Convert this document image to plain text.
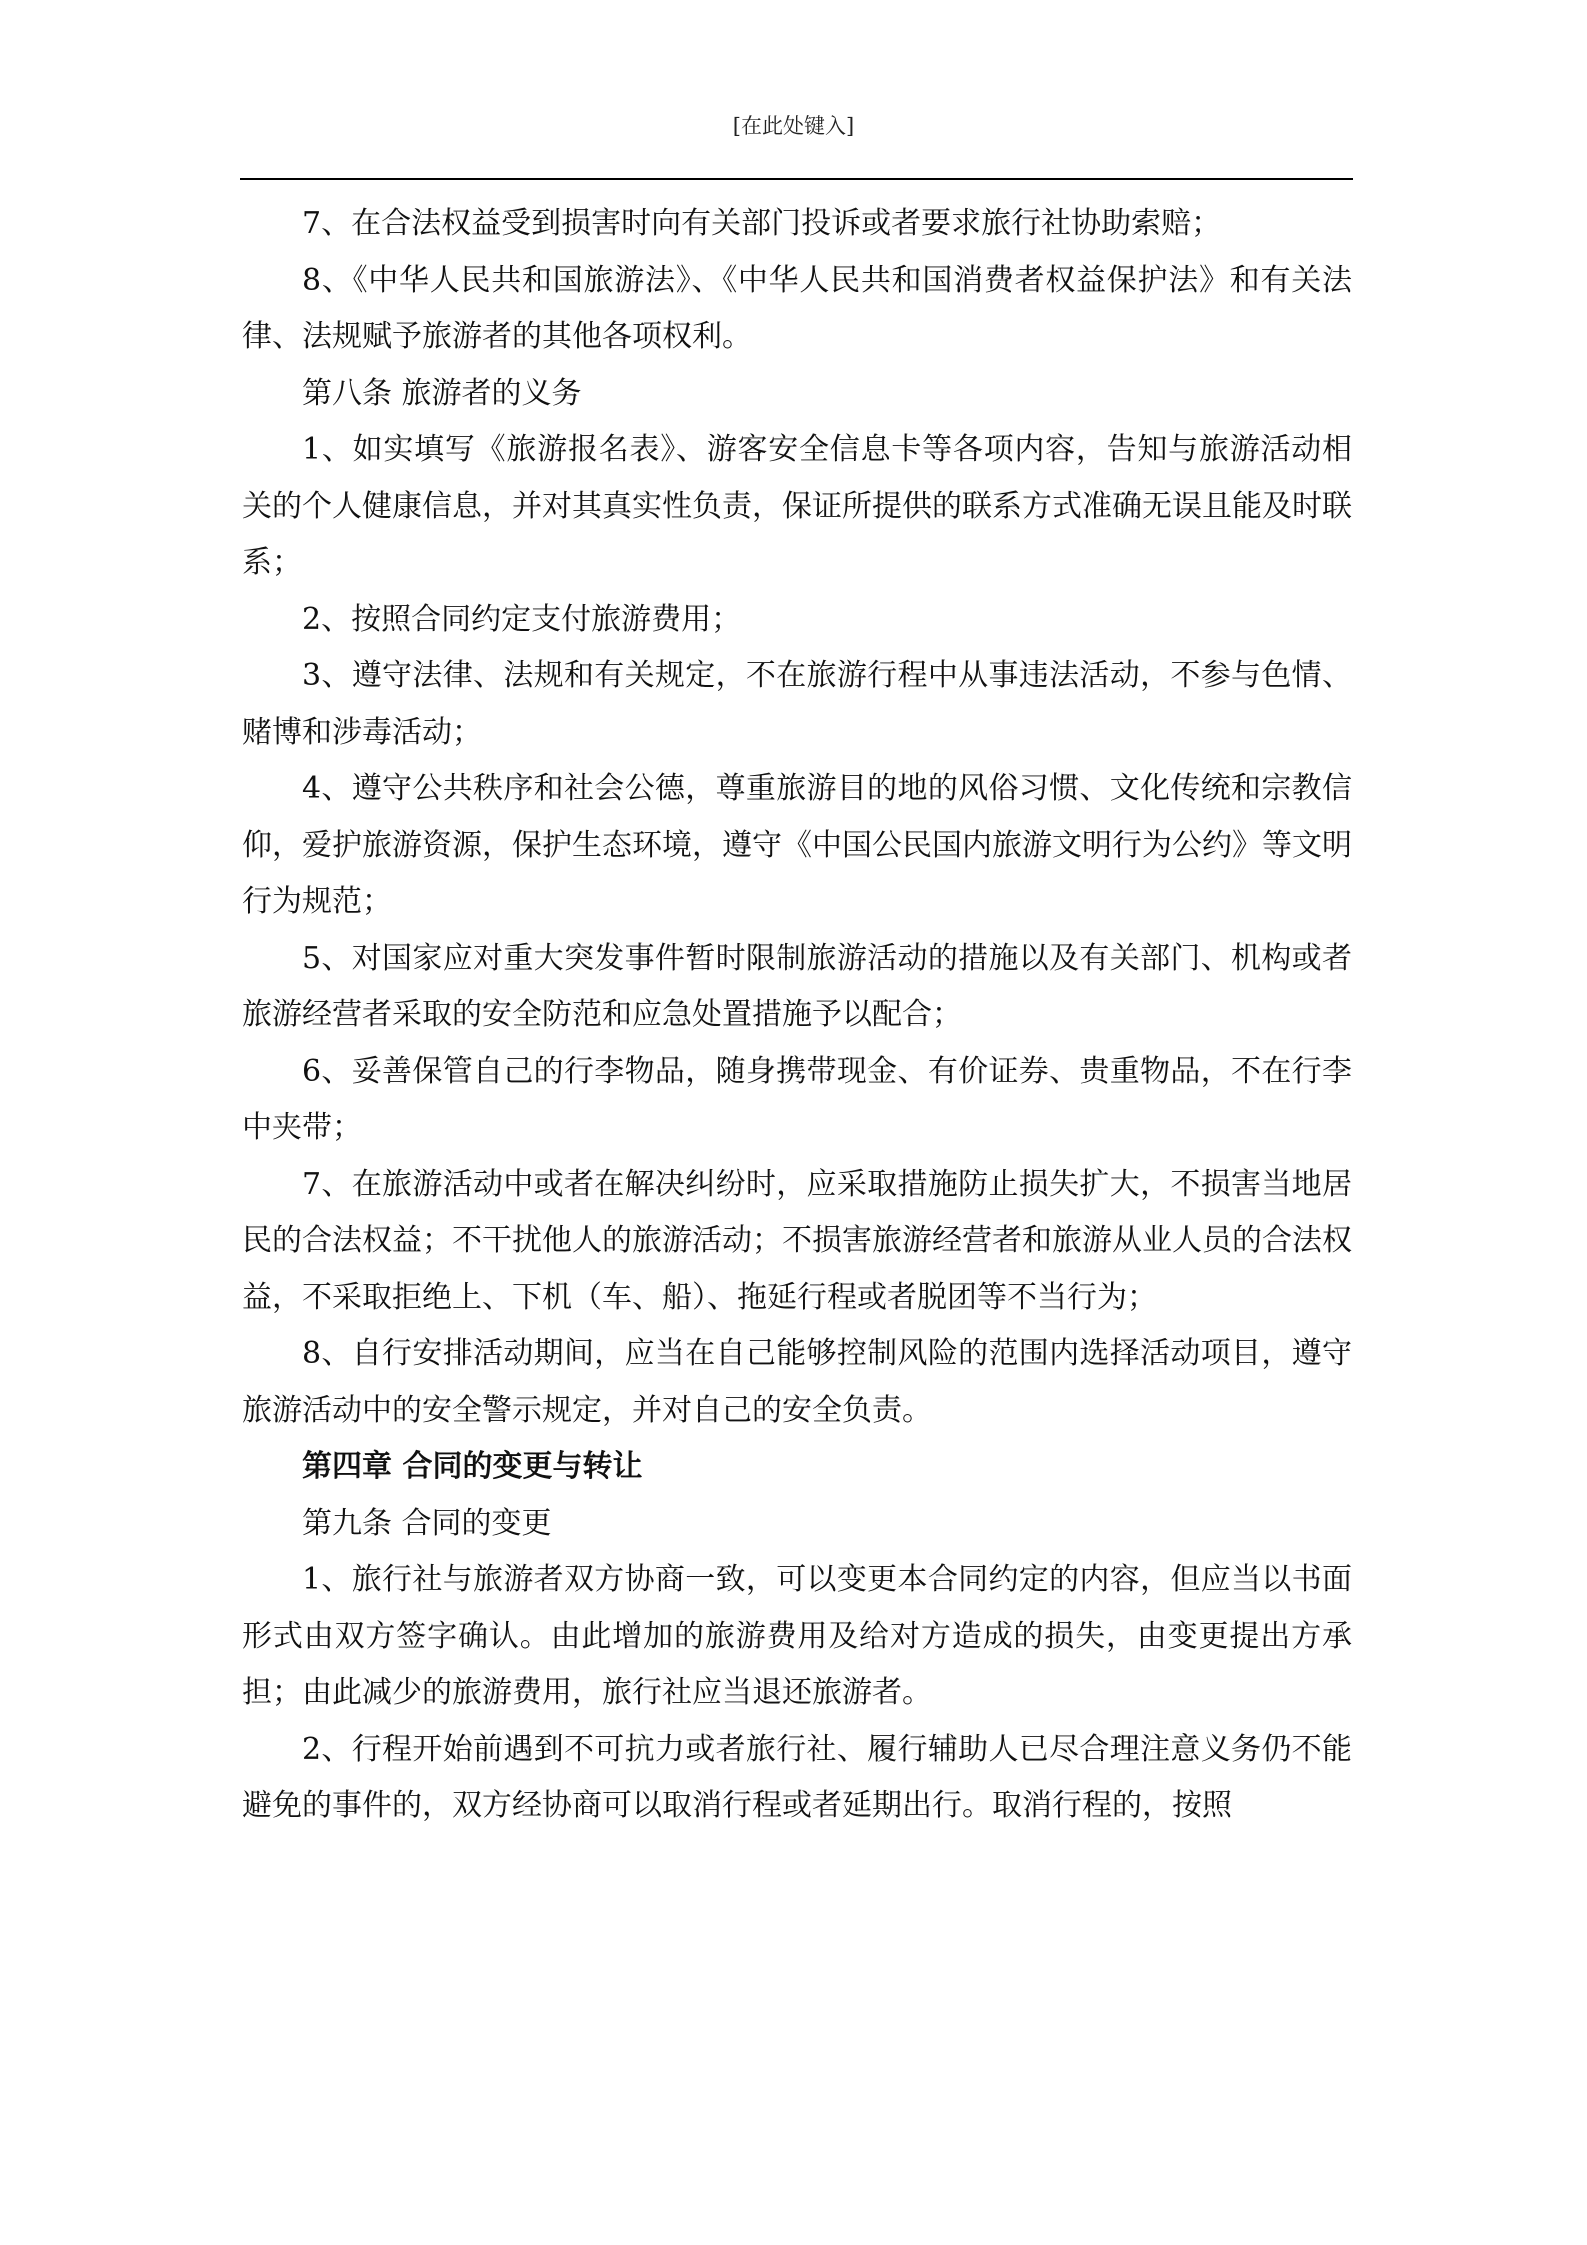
[在此处键入]

7、在合法权益受到损害时向有关部门投诉或者要求旅行社协助索赔；

8、《中华人民共和国旅游法》、《中华人民共和国消费者权益保护法》和有关法律、法规赋予旅游者的其他各项权利。

第八条 旅游者的义务

1、如实填写《旅游报名表》、游客安全信息卡等各项内容，告知与旅游活动相关的个人健康信息，并对其真实性负责，保证所提供的联系方式准确无误且能及时联系；

2、按照合同约定支付旅游费用；

3、遵守法律、法规和有关规定，不在旅游行程中从事违法活动，不参与色情、赌博和涉毒活动；

4、遵守公共秩序和社会公德，尊重旅游目的地的风俗习惯、文化传统和宗教信仰，爱护旅游资源，保护生态环境，遵守《中国公民国内旅游文明行为公约》等文明行为规范；

5、对国家应对重大突发事件暂时限制旅游活动的措施以及有关部门、机构或者旅游经营者采取的安全防范和应急处置措施予以配合；

6、妥善保管自己的行李物品，随身携带现金、有价证券、贵重物品，不在行李中夹带；

7、在旅游活动中或者在解决纠纷时，应采取措施防止损失扩大，不损害当地居民的合法权益；不干扰他人的旅游活动；不损害旅游经营者和旅游从业人员的合法权益，不采取拒绝上、下机（车、船）、拖延行程或者脱团等不当行为；

8、自行安排活动期间，应当在自己能够控制风险的范围内选择活动项目，遵守旅游活动中的安全警示规定，并对自己的安全负责。

第四章 合同的变更与转让

第九条 合同的变更

1、旅行社与旅游者双方协商一致，可以变更本合同约定的内容，但应当以书面形式由双方签字确认。由此增加的旅游费用及给对方造成的损失，由变更提出方承担；由此减少的旅游费用，旅行社应当退还旅游者。

2、行程开始前遇到不可抗力或者旅行社、履行辅助人已尽合理注意义务仍不能避免的事件的，双方经协商可以取消行程或者延期出行。取消行程的，按照
